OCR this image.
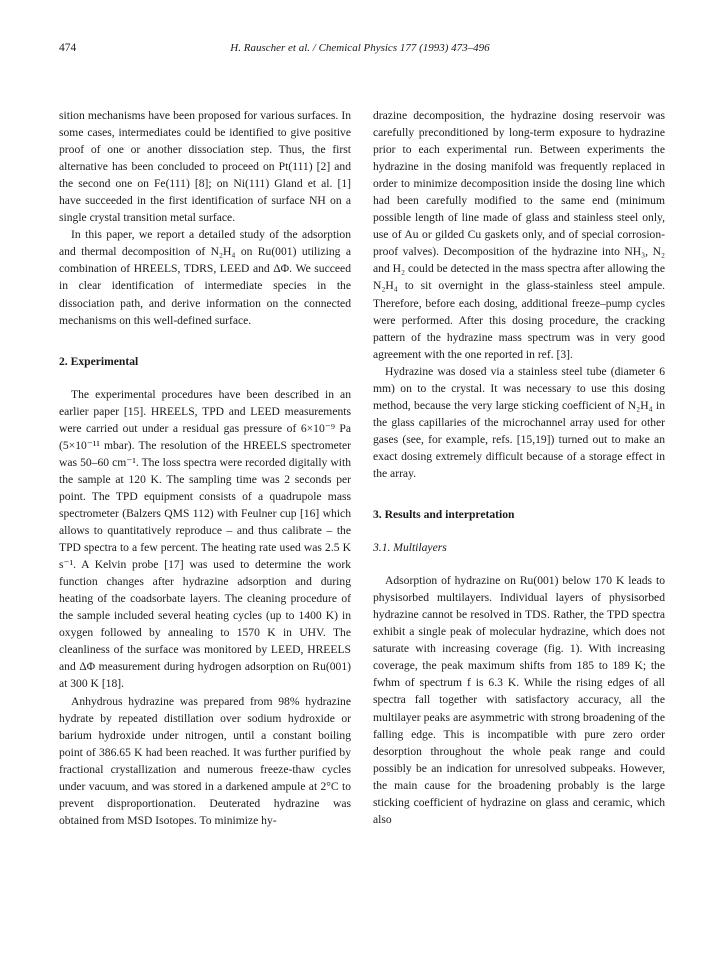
474	H. Rauscher et al. / Chemical Physics 177 (1993) 473–496

sition mechanisms have been proposed for various surfaces. In some cases, intermediates could be identified to give positive proof of one or another dissociation step. Thus, the first alternative has been concluded to proceed on Pt(111) [2] and the second one on Fe(111) [8]; on Ni(111) Gland et al. [1] have succeeded in the first identification of surface NH on a single crystal transition metal surface.

In this paper, we report a detailed study of the adsorption and thermal decomposition of N₂H₄ on Ru(001) utilizing a combination of HREELS, TDRS, LEED and ΔΦ. We succeed in clear identification of intermediate species in the dissociation path, and derive information on the connected mechanisms on this well-defined surface.

2. Experimental

The experimental procedures have been described in an earlier paper [15]. HREELS, TPD and LEED measurements were carried out under a residual gas pressure of 6×10⁻⁹ Pa (5×10⁻¹¹ mbar). The resolution of the HREELS spectrometer was 50–60 cm⁻¹. The loss spectra were recorded digitally with the sample at 120 K. The sampling time was 2 seconds per point. The TPD equipment consists of a quadrupole mass spectrometer (Balzers QMS 112) with Feulner cup [16] which allows to quantitatively reproduce – and thus calibrate – the TPD spectra to a few percent. The heating rate used was 2.5 K s⁻¹. A Kelvin probe [17] was used to determine the work function changes after hydrazine adsorption and during heating of the coadsorbate layers. The cleaning procedure of the sample included several heating cycles (up to 1400 K) in oxygen followed by annealing to 1570 K in UHV. The cleanliness of the surface was monitored by LEED, HREELS and ΔΦ measurement during hydrogen adsorption on Ru(001) at 300 K [18].

Anhydrous hydrazine was prepared from 98% hydrazine hydrate by repeated distillation over sodium hydroxide or barium hydroxide under nitrogen, until a constant boiling point of 386.65 K had been reached. It was further purified by fractional crystallization and numerous freeze-thaw cycles under vacuum, and was stored in a darkened ampule at 2°C to prevent disproportionation. Deuterated hydrazine was obtained from MSD Isotopes. To minimize hy-

drazine decomposition, the hydrazine dosing reservoir was carefully preconditioned by long-term exposure to hydrazine prior to each experimental run. Between experiments the hydrazine in the dosing manifold was frequently replaced in order to minimize decomposition inside the dosing line which had been carefully modified to the same end (minimum possible length of line made of glass and stainless steel only, use of Au or gilded Cu gaskets only, and of special corrosion-proof valves). Decomposition of the hydrazine into NH₃, N₂ and H₂ could be detected in the mass spectra after allowing the N₂H₄ to sit overnight in the glass-stainless steel ampule. Therefore, before each dosing, additional freeze–pump cycles were performed. After this dosing procedure, the cracking pattern of the hydrazine mass spectrum was in very good agreement with the one reported in ref. [3].

Hydrazine was dosed via a stainless steel tube (diameter 6 mm) on to the crystal. It was necessary to use this dosing method, because the very large sticking coefficient of N₂H₄ in the glass capillaries of the microchannel array used for other gases (see, for example, refs. [15,19]) turned out to make an exact dosing extremely difficult because of a storage effect in the array.

3. Results and interpretation

3.1. Multilayers

Adsorption of hydrazine on Ru(001) below 170 K leads to physisorbed multilayers. Individual layers of physisorbed hydrazine cannot be resolved in TDS. Rather, the TPD spectra exhibit a single peak of molecular hydrazine, which does not saturate with increasing coverage (fig. 1). With increasing coverage, the peak maximum shifts from 185 to 189 K; the fwhm of spectrum f is 6.3 K. While the rising edges of all spectra fall together with satisfactory accuracy, all the multilayer peaks are asymmetric with strong broadening of the falling edge. This is incompatible with pure zero order desorption throughout the whole peak range and could possibly be an indication for unresolved subpeaks. However, the main cause for the broadening probably is the large sticking coefficient of hydrazine on glass and ceramic, which also
